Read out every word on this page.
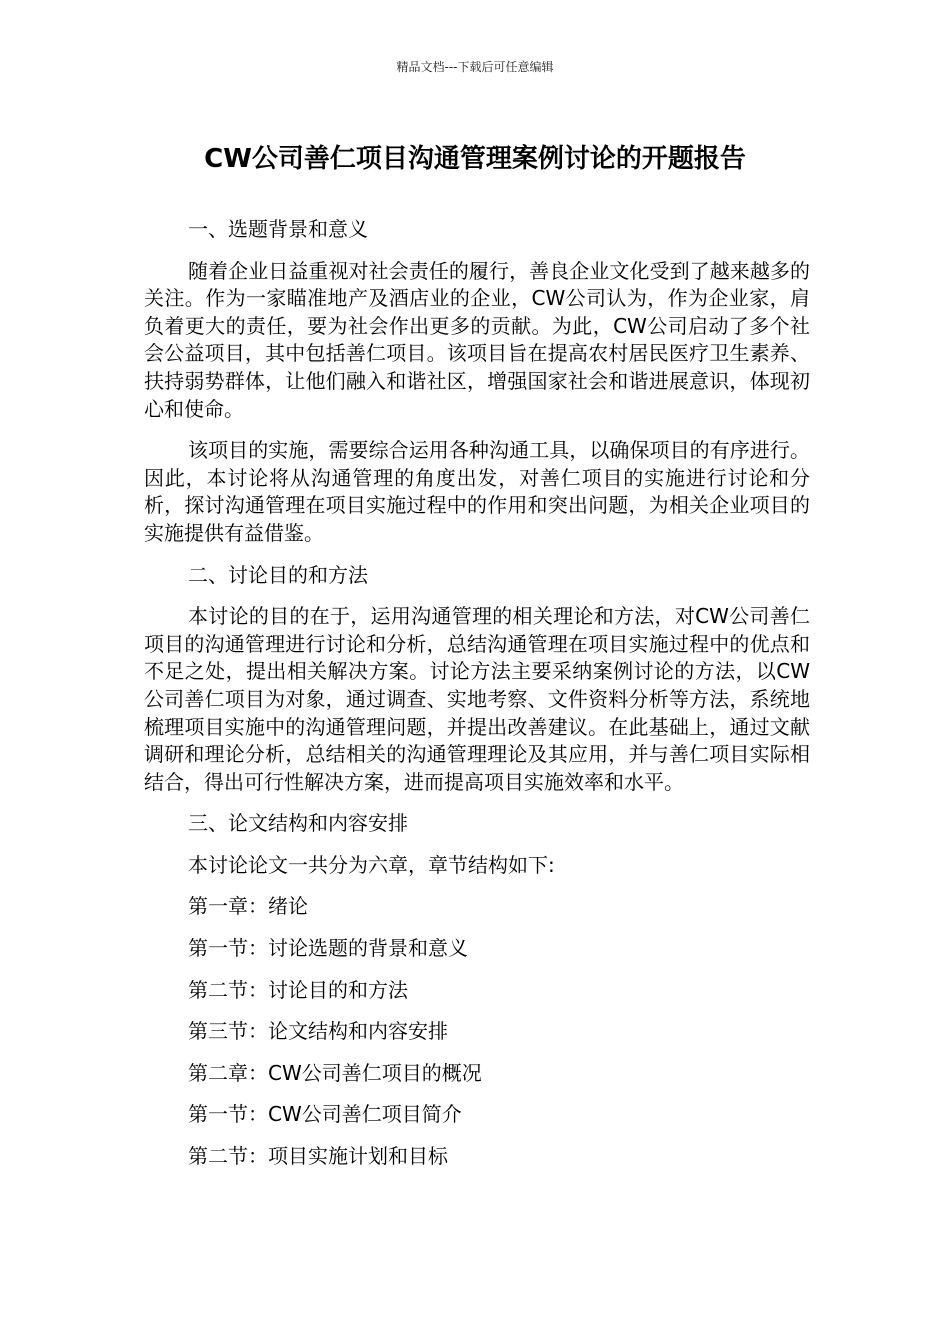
精品文档---下载后可任意编辑
CW公司善仁项目沟通管理案例讨论的开题报告

一、选题背景和意义

随着企业日益重视对社会责任的履行，善良企业文化受到了越来越多的关注。作为一家瞄准地产及酒店业的企业，CW公司认为，作为企业家，肩负着更大的责任，要为社会作出更多的贡献。为此，CW公司启动了多个社会公益项目，其中包括善仁项目。该项目旨在提高农村居民医疗卫生素养、扶持弱势群体，让他们融入和谐社区，增强国家社会和谐进展意识，体现初心和使命。

该项目的实施，需要综合运用各种沟通工具，以确保项目的有序进行。因此，本讨论将从沟通管理的角度出发，对善仁项目的实施进行讨论和分析，探讨沟通管理在项目实施过程中的作用和突出问题，为相关企业项目的实施提供有益借鉴。

二、讨论目的和方法

本讨论的目的在于，运用沟通管理的相关理论和方法，对CW公司善仁项目的沟通管理进行讨论和分析，总结沟通管理在项目实施过程中的优点和不足之处，提出相关解决方案。讨论方法主要采纳案例讨论的方法，以CW公司善仁项目为对象，通过调查、实地考察、文件资料分析等方法，系统地梳理项目实施中的沟通管理问题，并提出改善建议。在此基础上，通过文献调研和理论分析，总结相关的沟通管理理论及其应用，并与善仁项目实际相结合，得出可行性解决方案，进而提高项目实施效率和水平。

三、论文结构和内容安排

本讨论论文一共分为六章，章节结构如下:

第一章：绪论

第一节：讨论选题的背景和意义

第二节：讨论目的和方法

第三节：论文结构和内容安排

第二章：CW公司善仁项目的概况

第一节：CW公司善仁项目简介

第二节：项目实施计划和目标
